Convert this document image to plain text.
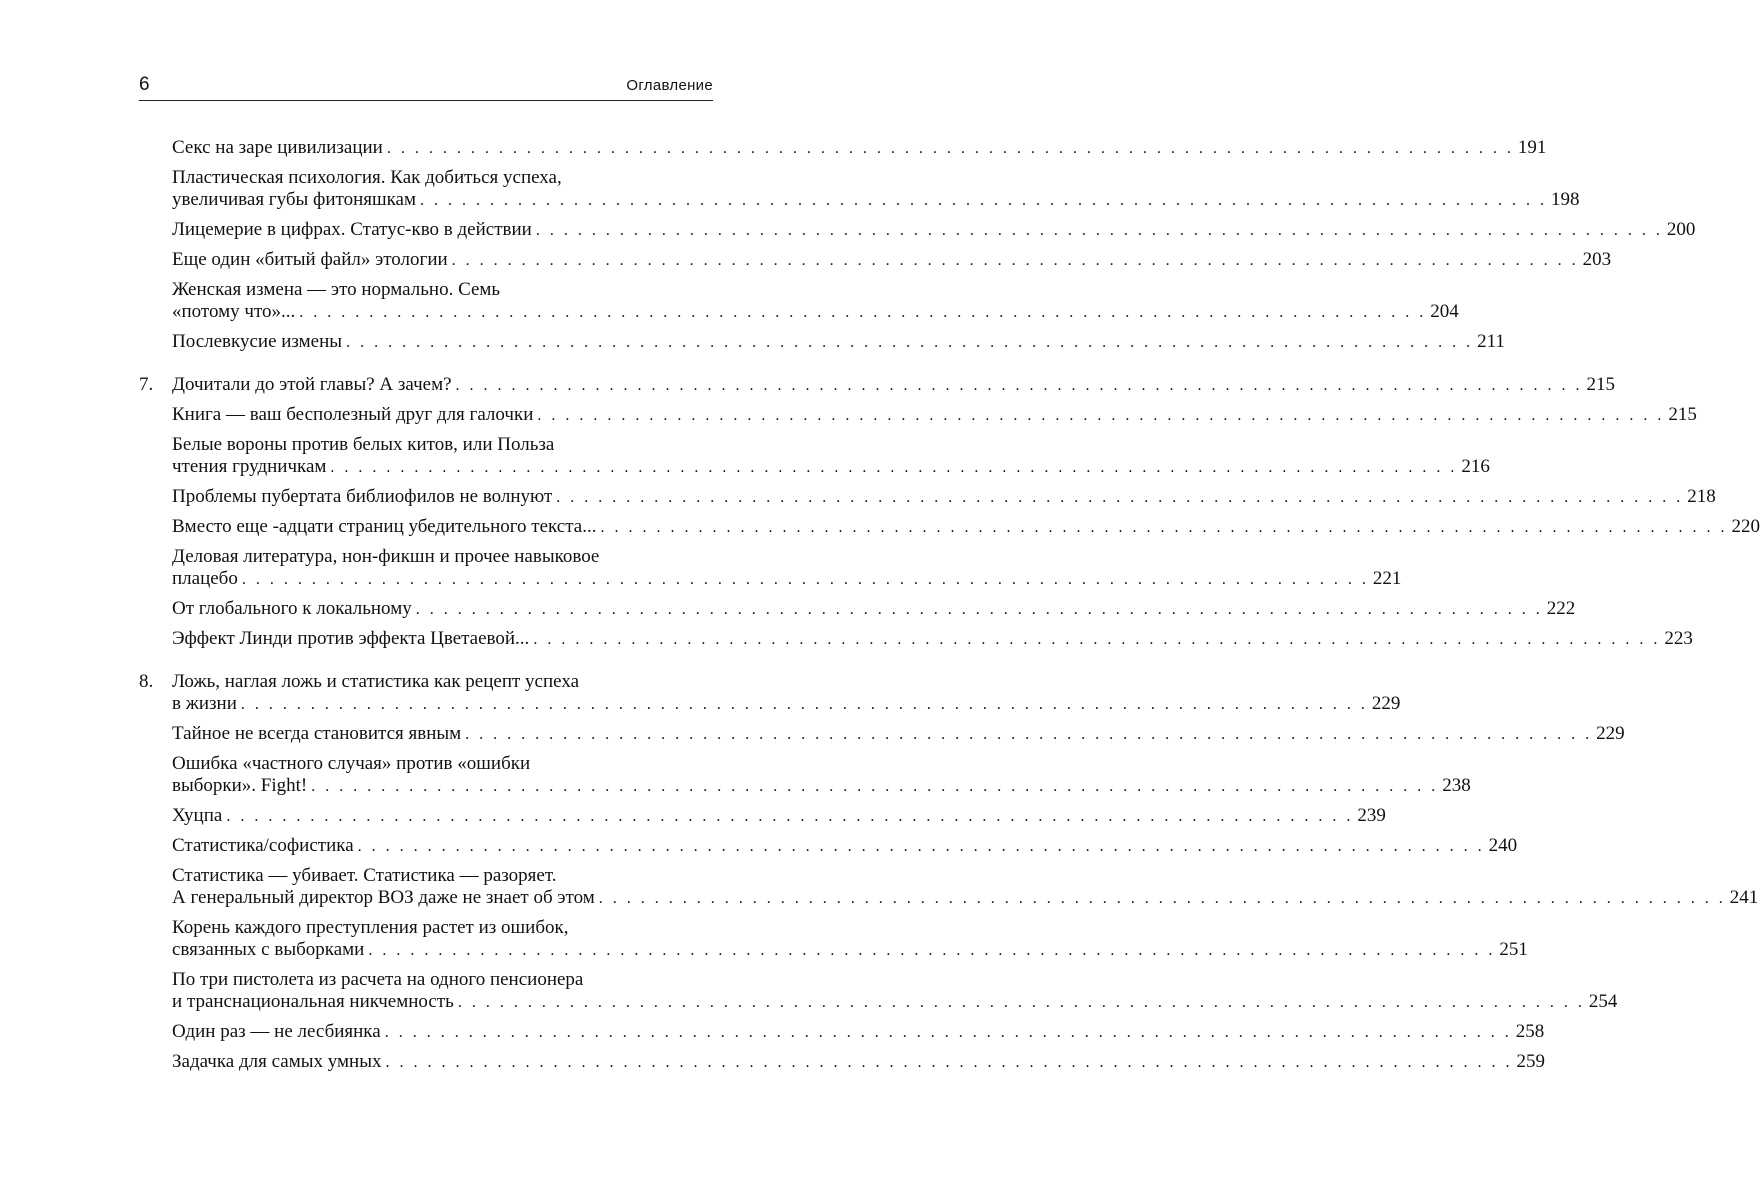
6	Оглавление
Секс на заре цивилизации . . . . . . . . . . . . . . . . . . . . . . . . . . . . . . . . . . . . . . . . . . . . . . . . . . . . . . . . . . . . . . . . . . . . . . . . . . . . . . . . . 191
Пластическая психология. Как добиться успеха,
увеличивая губы фитоняшкам . . . . . . . . . . . . . . . . . . . . . . . . . . . . . . . . . . . . . . . . . . . . . . . . . . . . . . . . . . . . . . . . . . . . . . . . . . . . . . . . . 198
Лицемерие в цифрах. Статус-кво в действии . . . . . . . . . . . . . . . . . . . . . . . . . . . . . . . . . . . . . . . . . . . . . . . . . . . . . . . . . . . . . . . . . . . . . . . . . . . . . . . . . 200
Еще один «битый файл» этологии . . . . . . . . . . . . . . . . . . . . . . . . . . . . . . . . . . . . . . . . . . . . . . . . . . . . . . . . . . . . . . . . . . . . . . . . . . . . . . . . . 203
Женская измена — это нормально. Семь
«потому что»... . . . . . . . . . . . . . . . . . . . . . . . . . . . . . . . . . . . . . . . . . . . . . . . . . . . . . . . . . . . . . . . . . . . . . . . . . . . . . . . . . 204
Послевкусие измены . . . . . . . . . . . . . . . . . . . . . . . . . . . . . . . . . . . . . . . . . . . . . . . . . . . . . . . . . . . . . . . . . . . . . . . . . . . . . . . . . 211
7. Дочитали до этой главы? А зачем? . . . . . . . . . . . . . . . . . . . . . . . . . . . . . . . . . . . . . . . . . . . . . . . . . . . . . . . . . . . . . . . . . . . . . . . . . . . . . . . . . 215
Книга — ваш бесполезный друг для галочки . . . . . . . . . . . . . . . . . . . . . . . . . . . . . . . . . . . . . . . . . . . . . . . . . . . . . . . . . . . . . . . . . . . . . . . . . . . . . . . . . 215
Белые вороны против белых китов, или Польза
чтения грудничкам . . . . . . . . . . . . . . . . . . . . . . . . . . . . . . . . . . . . . . . . . . . . . . . . . . . . . . . . . . . . . . . . . . . . . . . . . . . . . . . . . 216
Проблемы пубертата библиофилов не волнуют . . . . . . . . . . . . . . . . . . . . . . . . . . . . . . . . . . . . . . . . . . . . . . . . . . . . . . . . . . . . . . . . . . . . . . . . . . . . . . . . . 218
Вместо еще -адцати страниц убедительного текста... . . . . . . . . . . . . . . . . . . . . . . . . . . . . . . . . . . . . . . . . . . . . . . . . . . . . . . . . . . . . . . . . . . . . . . . . . . . . . . . . . 220
Деловая литература, нон-фикшн и прочее навыковое
плацебо . . . . . . . . . . . . . . . . . . . . . . . . . . . . . . . . . . . . . . . . . . . . . . . . . . . . . . . . . . . . . . . . . . . . . . . . . . . . . . . . . 221
От глобального к локальному . . . . . . . . . . . . . . . . . . . . . . . . . . . . . . . . . . . . . . . . . . . . . . . . . . . . . . . . . . . . . . . . . . . . . . . . . . . . . . . . . 222
Эффект Линди против эффекта Цветаевой... . . . . . . . . . . . . . . . . . . . . . . . . . . . . . . . . . . . . . . . . . . . . . . . . . . . . . . . . . . . . . . . . . . . . . . . . . . . . . . . . . 223
8. Ложь, наглая ложь и статистика как рецепт успеха
в жизни . . . . . . . . . . . . . . . . . . . . . . . . . . . . . . . . . . . . . . . . . . . . . . . . . . . . . . . . . . . . . . . . . . . . . . . . . . . . . . . . . 229
Тайное не всегда становится явным . . . . . . . . . . . . . . . . . . . . . . . . . . . . . . . . . . . . . . . . . . . . . . . . . . . . . . . . . . . . . . . . . . . . . . . . . . . . . . . . . 229
Ошибка «частного случая» против «ошибки
выборки». Fight! . . . . . . . . . . . . . . . . . . . . . . . . . . . . . . . . . . . . . . . . . . . . . . . . . . . . . . . . . . . . . . . . . . . . . . . . . . . . . . . . . 238
Хуцпа . . . . . . . . . . . . . . . . . . . . . . . . . . . . . . . . . . . . . . . . . . . . . . . . . . . . . . . . . . . . . . . . . . . . . . . . . . . . . . . . . 239
Статистика/софистика . . . . . . . . . . . . . . . . . . . . . . . . . . . . . . . . . . . . . . . . . . . . . . . . . . . . . . . . . . . . . . . . . . . . . . . . . . . . . . . . . 240
Статистика — убивает. Статистика — разоряет.
А генеральный директор ВОЗ даже не знает об этом . . . . . . . . . . . . . . . . . . . . . . . . . . . . . . . . . . . . . . . . . . . . . . . . . . . . . . . . . . . . . . . . . . . . . . . . . . . . . . . . . 241
Корень каждого преступления растет из ошибок,
связанных с выборками . . . . . . . . . . . . . . . . . . . . . . . . . . . . . . . . . . . . . . . . . . . . . . . . . . . . . . . . . . . . . . . . . . . . . . . . . . . . . . . . . 251
По три пистолета из расчета на одного пенсионера
и транснациональная никчемность . . . . . . . . . . . . . . . . . . . . . . . . . . . . . . . . . . . . . . . . . . . . . . . . . . . . . . . . . . . . . . . . . . . . . . . . . . . . . . . . . 254
Один раз — не лесбиянка . . . . . . . . . . . . . . . . . . . . . . . . . . . . . . . . . . . . . . . . . . . . . . . . . . . . . . . . . . . . . . . . . . . . . . . . . . . . . . . . . 258
Задачка для самых умных . . . . . . . . . . . . . . . . . . . . . . . . . . . . . . . . . . . . . . . . . . . . . . . . . . . . . . . . . . . . . . . . . . . . . . . . . . . . . . . . . 259
